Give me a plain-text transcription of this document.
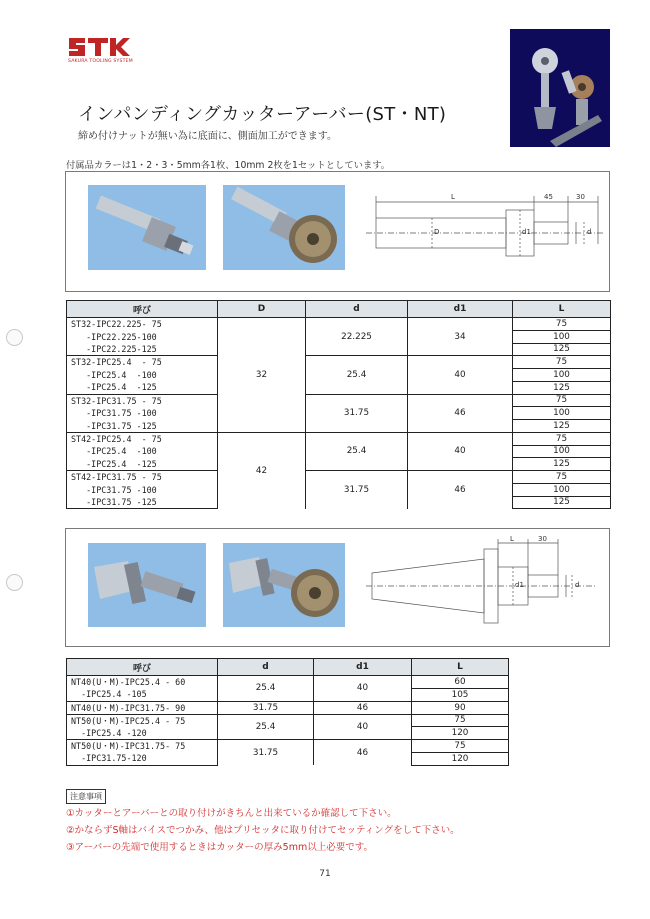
SAKURA TOOLING SYSTEM
インパンディングカッターアーバー(ST・NT)
締め付けナットが無い為に底面に、側面加工ができます。
付属品カラーは1・2・3・5mm各1枚、10mm 2枚を1セットとしています。
L	45	30
D	d1	d
呼び	D	d	d1	L
ST32-IPC22.225- 75	32	22.225	34	75
-IPC22.225-100				100
-IPC22.225-125				125
ST32-IPC25.4  - 75		25.4	40	75
-IPC25.4  -100				100
-IPC25.4  -125				125
ST32-IPC31.75 - 75		31.75	46	75
-IPC31.75 -100				100
-IPC31.75 -125				125
ST42-IPC25.4  - 75	42	25.4	40	75
-IPC25.4  -100				100
-IPC25.4  -125				125
ST42-IPC31.75 - 75		31.75	46	75
-IPC31.75 -100				100
-IPC31.75 -125				125
L	30
d1	d
呼び	d	d1	L
NT40(U・M)-IPC25.4 - 60	25.4	40	60
-IPC25.4 -105			105
NT40(U・M)-IPC31.75- 90	31.75	46	90
NT50(U・M)-IPC25.4 - 75	25.4	40	75
-IPC25.4 -120			120
NT50(U・M)-IPC31.75- 75	31.75	46	75
-IPC31.75-120			120
注意事項
①カッターとアーバーとの取り付けがきちんと出来ているか確認して下さい。
②かならずS軸はバイスでつかみ、他はプリセッタに取り付けてセッティングをして下さい。
③アーバーの先端で使用するときはカッターの厚み5mm以上必要です。
71
